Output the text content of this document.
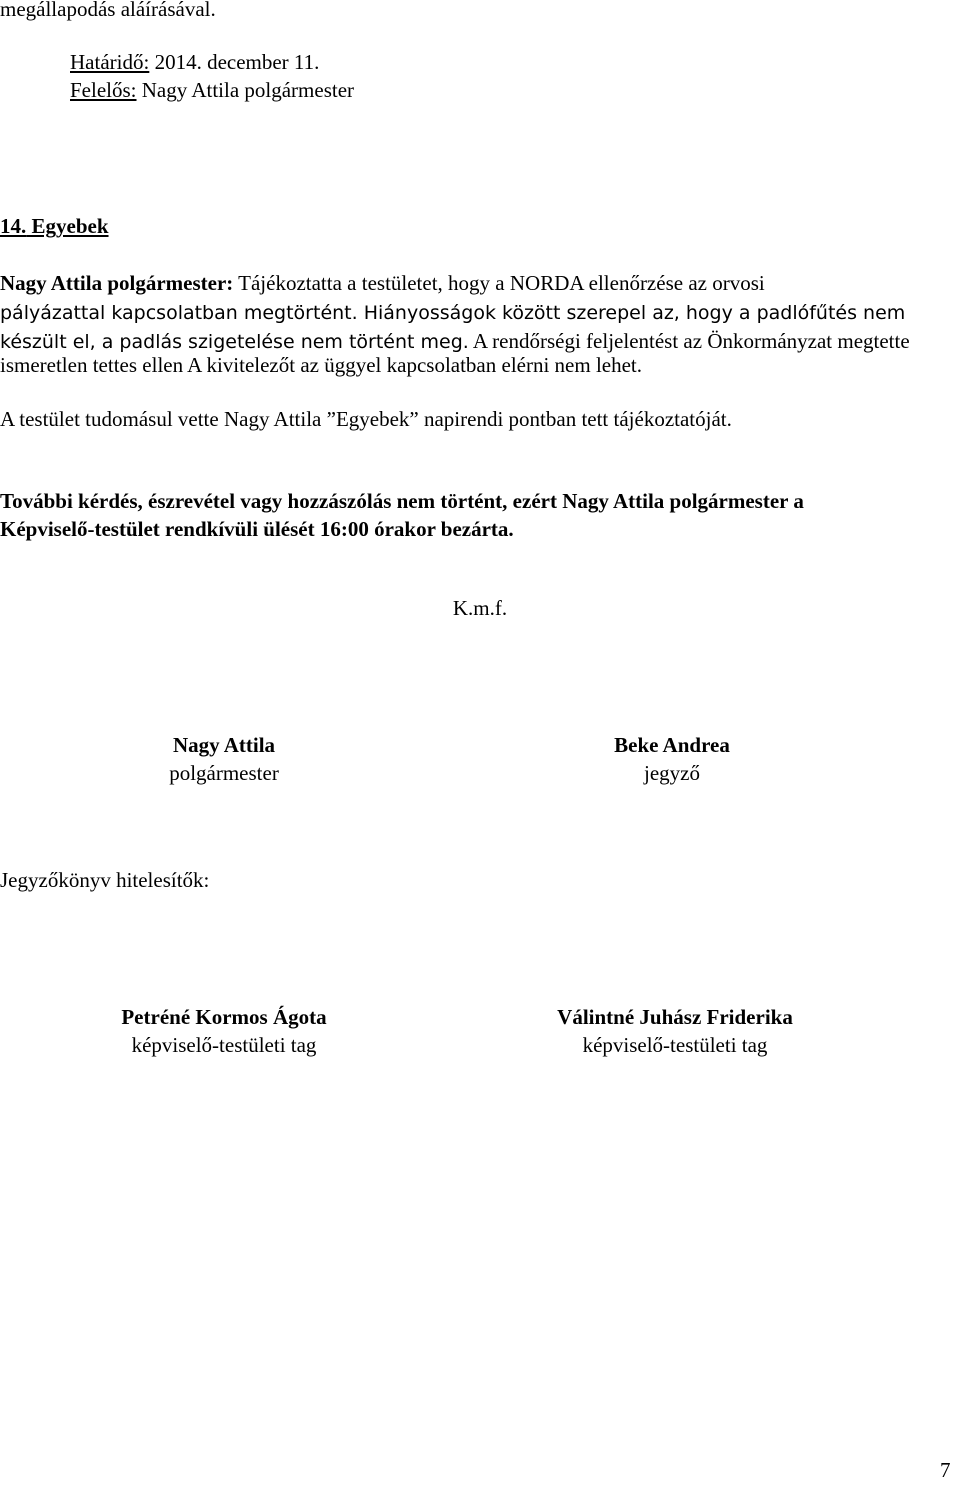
megállapodás aláírásával.
Határidő: 2014. december 11.
Felelős: Nagy Attila polgármester
14. Egyebek
Nagy Attila polgármester: Tájékoztatta a testületet, hogy a NORDA ellenőrzése az orvosi
pályázattal kapcsolatban megtörtént. Hiányosságok között szerepel az, hogy a padlófűtés nem
készült el, a padlás szigetelése nem történt meg. A rendőrségi feljelentést az Önkormányzat megtette
ismeretlen tettes ellen A kivitelezőt az üggyel kapcsolatban elérni nem lehet.
A testület tudomásul vette Nagy Attila ”Egyebek” napirendi pontban tett tájékoztatóját.
További kérdés, észrevétel vagy hozzászólás nem történt, ezért Nagy Attila polgármester a
Képviselő-testület rendkívüli ülését 16:00 órakor bezárta.
K.m.f.
Nagy Attila
polgármester
Beke Andrea
jegyző
Jegyzőkönyv hitelesítők:
Petréné Kormos Ágota
képviselő-testületi tag
Válintné Juhász Friderika
képviselő-testületi tag
7
